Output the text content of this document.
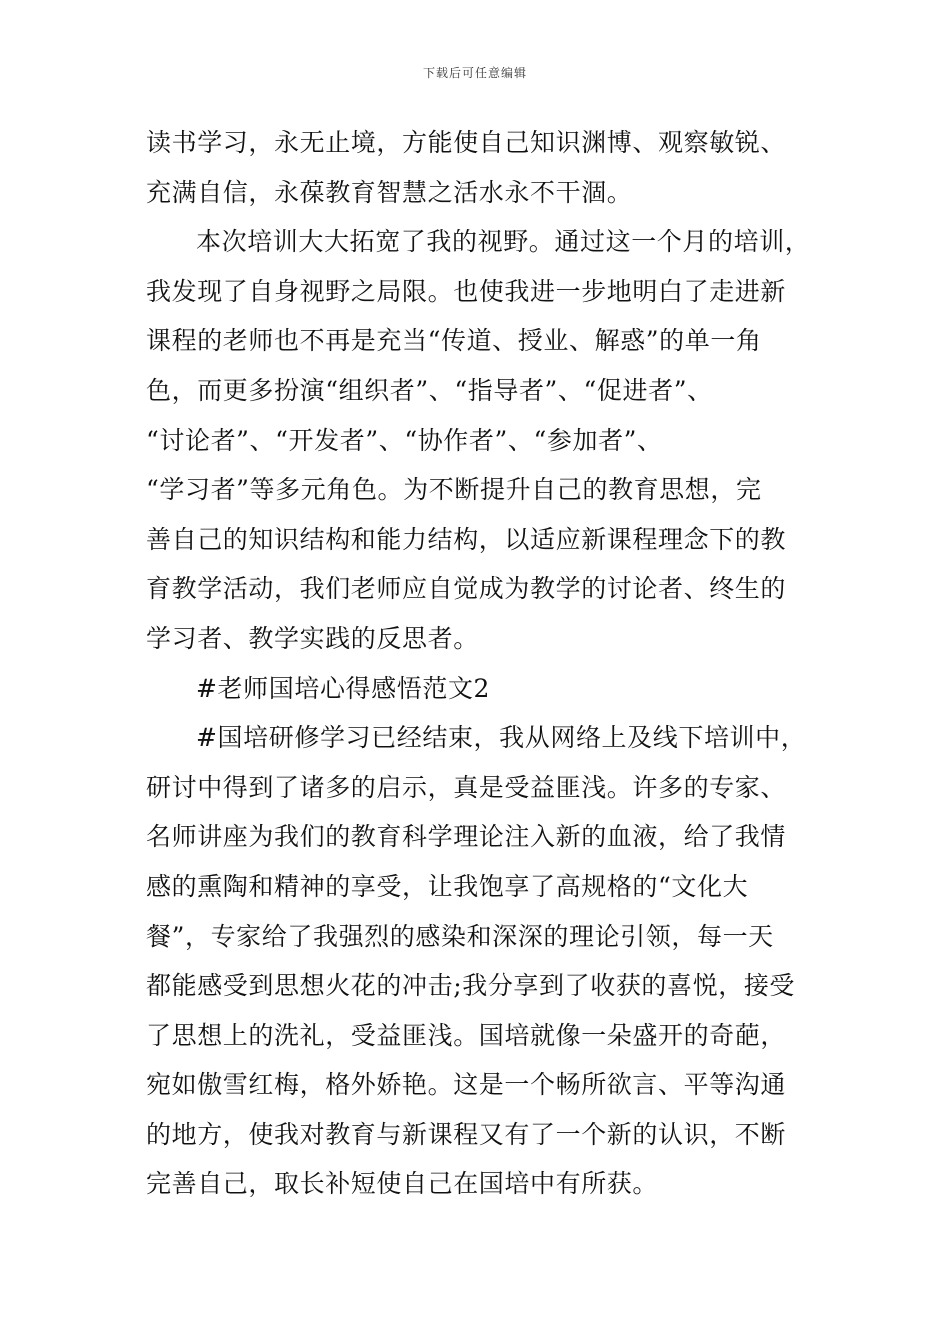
下载后可任意编辑
读书学习，永无止境，方能使自己知识渊博、观察敏锐、
充满自信，永葆教育智慧之活水永不干涸。
本次培训大大拓宽了我的视野。通过这一个月的培训，
我发现了自身视野之局限。也使我进一步地明白了走进新
课程的老师也不再是充当“传道、授业、解惑”的单一角
色，而更多扮演“组织者”、“指导者”、“促进者”、
“讨论者”、“开发者”、“协作者”、“参加者”、
“学习者”等多元角色。为不断提升自己的教育思想，完
善自己的知识结构和能力结构，以适应新课程理念下的教
育教学活动，我们老师应自觉成为教学的讨论者、终生的
学习者、教学实践的反思者。
#老师国培心得感悟范文2
#国培研修学习已经结束，我从网络上及线下培训中，
研讨中得到了诸多的启示，真是受益匪浅。许多的专家、
名师讲座为我们的教育科学理论注入新的血液，给了我情
感的熏陶和精神的享受，让我饱享了高规格的“文化大
餐”，专家给了我强烈的感染和深深的理论引领，每一天
都能感受到思想火花的冲击;我分享到了收获的喜悦，接受
了思想上的洗礼，受益匪浅。国培就像一朵盛开的奇葩，
宛如傲雪红梅，格外娇艳。这是一个畅所欲言、平等沟通
的地方，使我对教育与新课程又有了一个新的认识，不断
完善自己，取长补短使自己在国培中有所获。
